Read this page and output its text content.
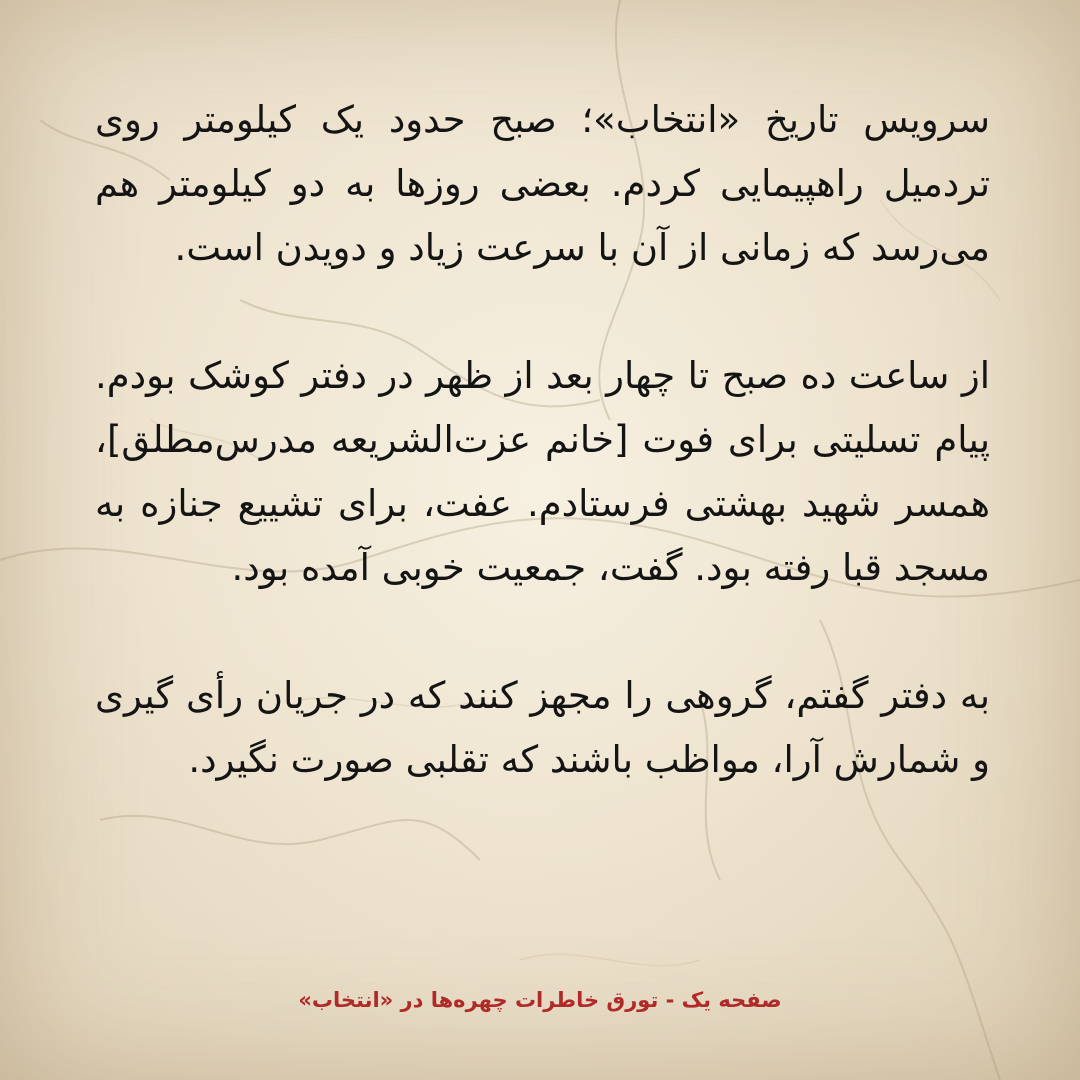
سرویس تاریخ «انتخاب»؛ صبح حدود یک کیلومتر روی تردمیل راهپیمایی کردم. بعضی روزها به دو کیلومتر هم می‌رسد که زمانی از آن با سرعت زیاد و دویدن است.

از ساعت ده صبح تا چهار بعد از ظهر در دفتر کوشک بودم. پیام تسلیتی برای فوت [خانم عزت‌الشریعه مدرس‌مطلق]، همسر شهید بهشتی فرستادم. عفت، برای تشییع جنازه به مسجد قبا رفته بود. گفت، جمعیت خوبی آمده بود.

به دفتر گفتم، گروهی را مجهز کنند که در جریان رأی گیری و شمارش آرا، مواظب باشند که تقلبی صورت نگیرد.

صفحه یک - تورق خاطرات چهره‌ها در «انتخاب»
